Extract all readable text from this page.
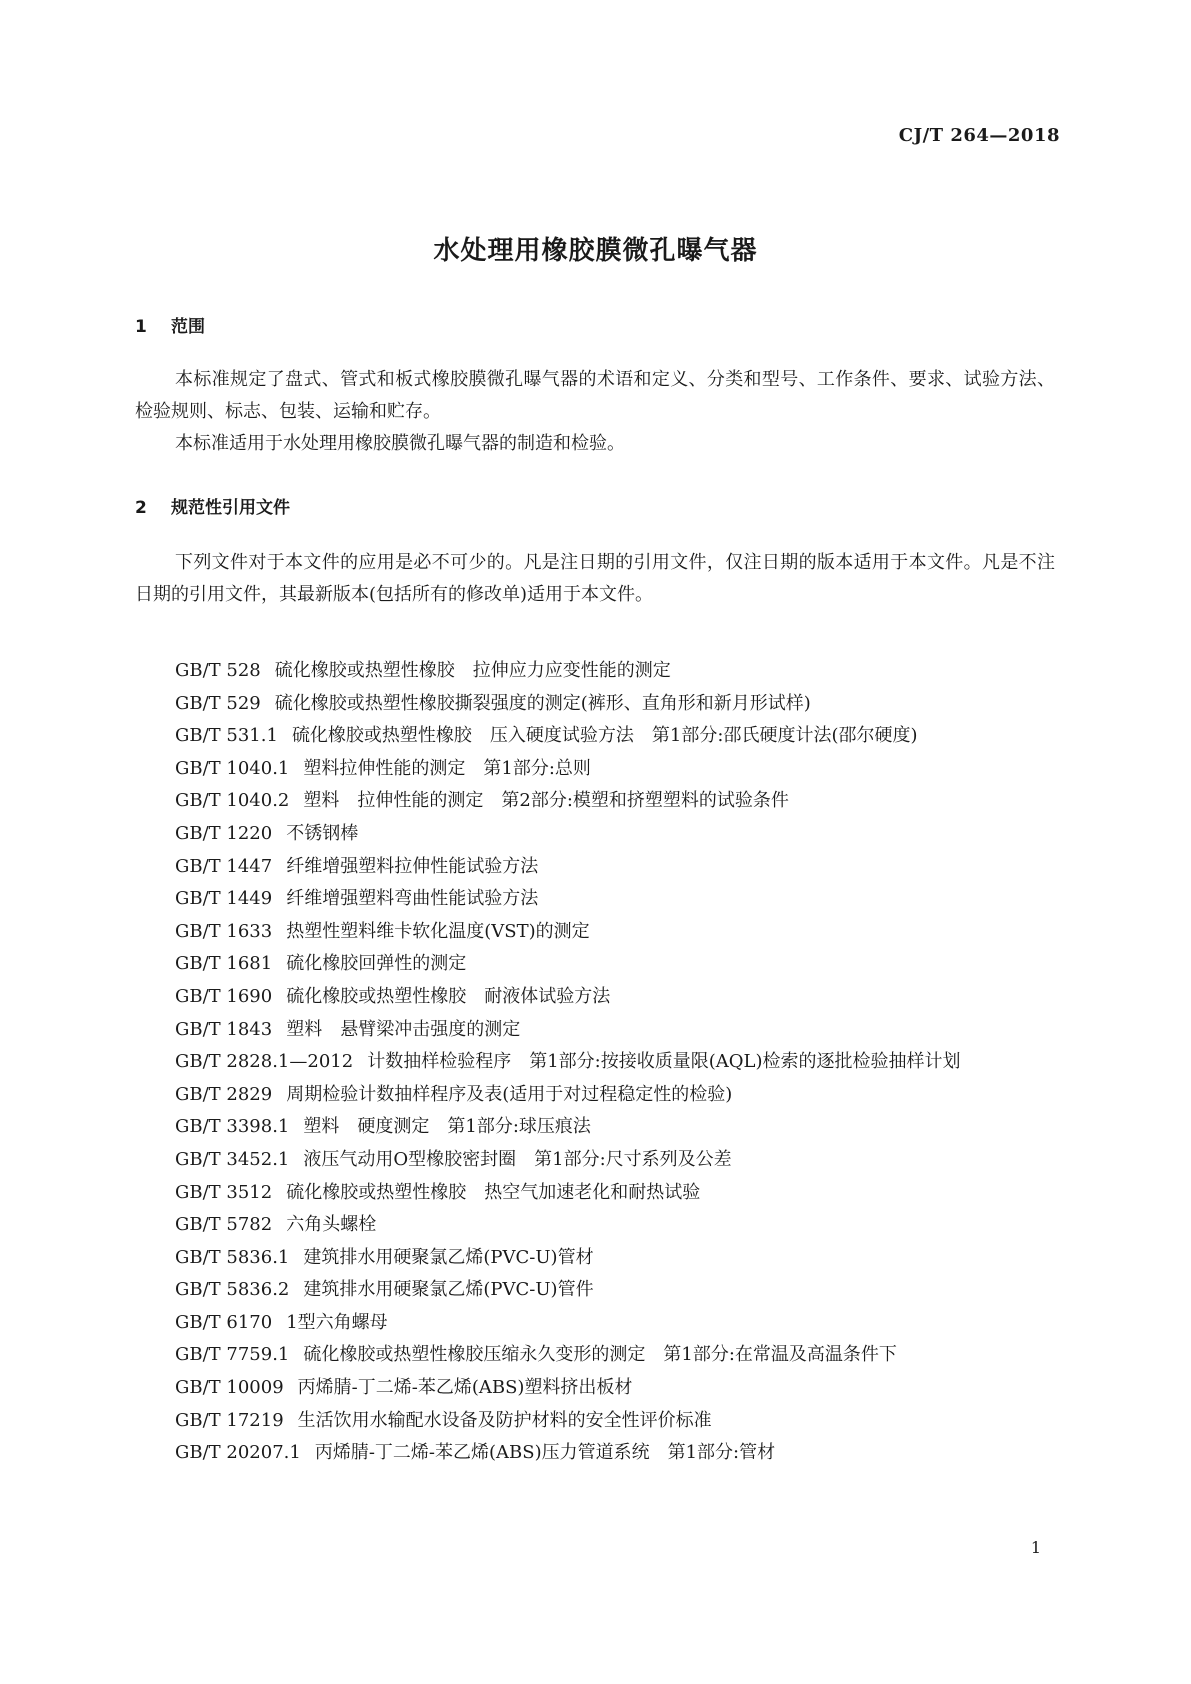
CJ/T 264—2018
水处理用橡胶膜微孔曝气器
1 范围
本标准规定了盘式、管式和板式橡胶膜微孔曝气器的术语和定义、分类和型号、工作条件、要求、试验方法、检验规则、标志、包装、运输和贮存。
本标准适用于水处理用橡胶膜微孔曝气器的制造和检验。
2 规范性引用文件
下列文件对于本文件的应用是必不可少的。凡是注日期的引用文件，仅注日期的版本适用于本文件。凡是不注日期的引用文件，其最新版本(包括所有的修改单)适用于本文件。
GB/T 528 硫化橡胶或热塑性橡胶　拉伸应力应变性能的测定
GB/T 529 硫化橡胶或热塑性橡胶撕裂强度的测定(裤形、直角形和新月形试样)
GB/T 531.1 硫化橡胶或热塑性橡胶　压入硬度试验方法　第1部分:邵氏硬度计法(邵尔硬度)
GB/T 1040.1 塑料拉伸性能的测定　第1部分:总则
GB/T 1040.2 塑料　拉伸性能的测定　第2部分:模塑和挤塑塑料的试验条件
GB/T 1220 不锈钢棒
GB/T 1447 纤维增强塑料拉伸性能试验方法
GB/T 1449 纤维增强塑料弯曲性能试验方法
GB/T 1633 热塑性塑料维卡软化温度(VST)的测定
GB/T 1681 硫化橡胶回弹性的测定
GB/T 1690 硫化橡胶或热塑性橡胶　耐液体试验方法
GB/T 1843 塑料　悬臂梁冲击强度的测定
GB/T 2828.1—2012 计数抽样检验程序　第1部分:按接收质量限(AQL)检索的逐批检验抽样计划
GB/T 2829 周期检验计数抽样程序及表(适用于对过程稳定性的检验)
GB/T 3398.1 塑料　硬度测定　第1部分:球压痕法
GB/T 3452.1 液压气动用O型橡胶密封圈　第1部分:尺寸系列及公差
GB/T 3512 硫化橡胶或热塑性橡胶　热空气加速老化和耐热试验
GB/T 5782 六角头螺栓
GB/T 5836.1 建筑排水用硬聚氯乙烯(PVC-U)管材
GB/T 5836.2 建筑排水用硬聚氯乙烯(PVC-U)管件
GB/T 6170 1型六角螺母
GB/T 7759.1 硫化橡胶或热塑性橡胶压缩永久变形的测定　第1部分:在常温及高温条件下
GB/T 10009 丙烯腈-丁二烯-苯乙烯(ABS)塑料挤出板材
GB/T 17219 生活饮用水输配水设备及防护材料的安全性评价标准
GB/T 20207.1 丙烯腈-丁二烯-苯乙烯(ABS)压力管道系统　第1部分:管材
1
